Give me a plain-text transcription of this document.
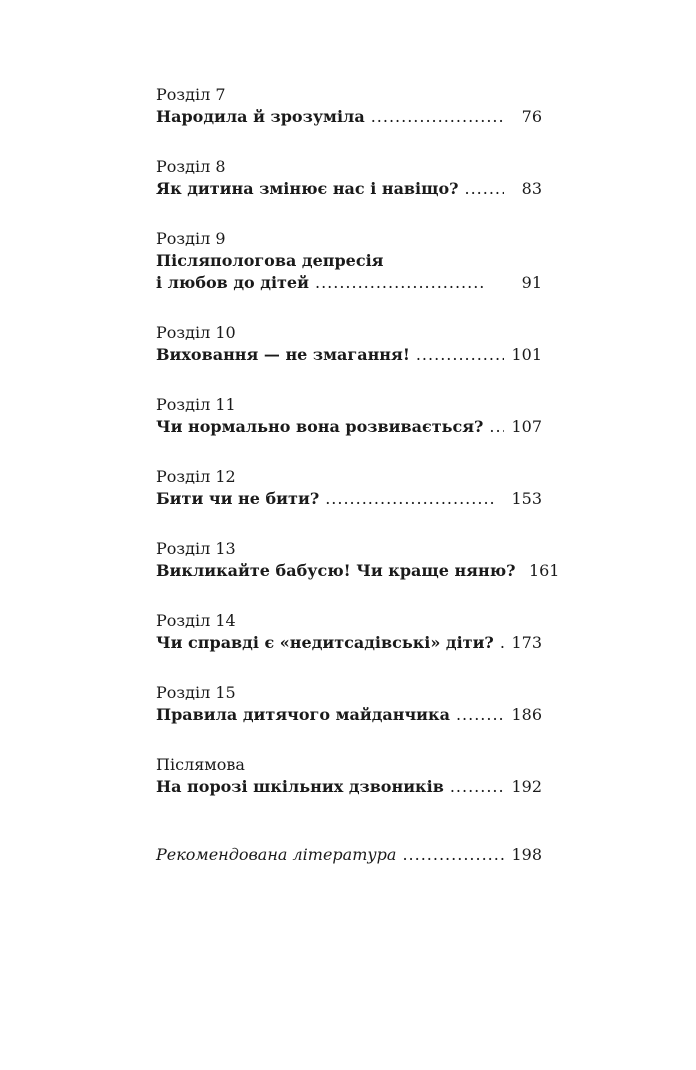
Розділ 7
Народила й зрозуміла .....	76
Розділ 8
Як дитина змінює нас і навіщо? .....	83
Розділ 9
Післяпологова депресія
і любов до дітей .....	91
Розділ 10
Виховання — не змагання! .....	101
Розділ 11
Чи нормально вона розвивається? ..... 107
Розділ 12
Бити чи не бити? .....	153
Розділ 13
Викликайте бабусю! Чи краще няню? 161
Розділ 14
Чи справді є «недитсадівські» діти? ..... 173
Розділ 15
Правила дитячого майданчика .....	186
Післямова
На порозі шкільних дзвоників .....	192
Рекомендована література .....	198
